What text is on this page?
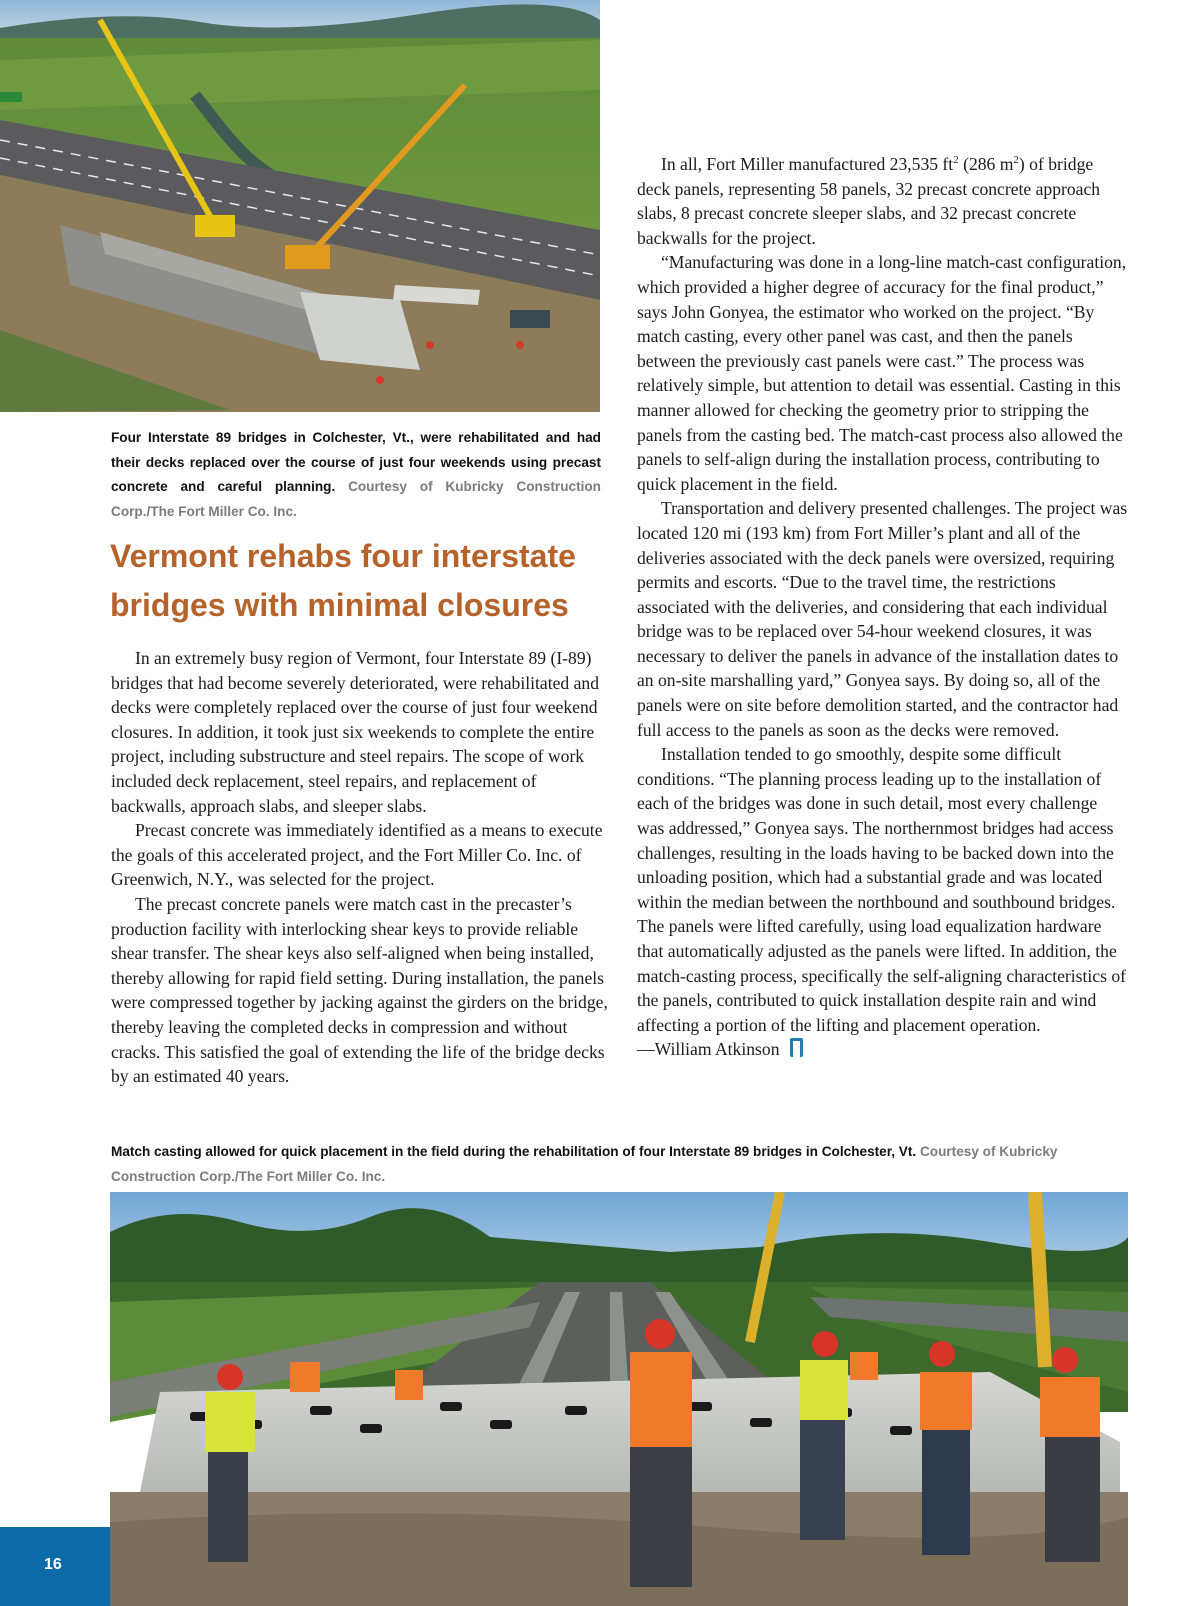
Four Interstate 89 bridges in Colchester, Vt., were rehabilitated and had their decks replaced over the course of just four weekends using precast concrete and careful planning. Courtesy of Kubricky Construction Corp./The Fort Miller Co. Inc.
Vermont rehabs four interstate bridges with minimal closures

In an extremely busy region of Vermont, four Interstate 89 (I-89) bridges that had become severely deteriorated, were rehabilitated and decks were completely replaced over the course of just four weekend closures. In addition, it took just six weekends to complete the entire project, including substructure and steel repairs. The scope of work included deck replacement, steel repairs, and replacement of backwalls, approach slabs, and sleeper slabs.

Precast concrete was immediately identified as a means to execute the goals of this accelerated project, and the Fort Miller Co. Inc. of Greenwich, N.Y., was selected for the project.

The precast concrete panels were match cast in the precaster’s production facility with interlocking shear keys to provide reliable shear transfer. The shear keys also self-aligned when being installed, thereby allowing for rapid field setting. During installation, the panels were compressed together by jacking against the girders on the bridge, thereby leaving the completed decks in compression and without cracks. This satisfied the goal of extending the life of the bridge decks by an estimated 40 years.

In all, Fort Miller manufactured 23,535 $ft^2$ (286 $m^2$) of bridge deck panels, representing 58 panels, 32 precast concrete approach slabs, 8 precast concrete sleeper slabs, and 32 precast concrete backwalls for the project.

“Manufacturing was done in a long-line match-cast configuration, which provided a higher degree of accuracy for the final product,” says John Gonyea, the estimator who worked on the project. “By match casting, every other panel was cast, and then the panels between the previously cast panels were cast.” The process was relatively simple, but attention to detail was essential. Casting in this manner allowed for checking the geometry prior to stripping the panels from the casting bed. The match-cast process also allowed the panels to self-align during the installation process, contributing to quick placement in the field.

Transportation and delivery presented challenges. The project was located 120 mi (193 km) from Fort Miller’s plant and all of the deliveries associated with the deck panels were oversized, requiring permits and escorts. “Due to the travel time, the restrictions associated with the deliveries, and considering that each individual bridge was to be replaced over 54-hour weekend closures, it was necessary to deliver the panels in advance of the installation dates to an on-site marshalling yard,” Gonyea says. By doing so, all of the panels were on site before demolition started, and the contractor had full access to the panels as soon as the decks were removed.

Installation tended to go smoothly, despite some difficult conditions. “The planning process leading up to the installation of each of the bridges was done in such detail, most every challenge was addressed,” Gonyea says. The northernmost bridges had access challenges, resulting in the loads having to be backed down into the unloading position, which had a substantial grade and was located within the median between the northbound and southbound bridges. The panels were lifted carefully, using load equalization hardware that automatically adjusted as the panels were lifted. In addition, the match-casting process, specifically the self-aligning characteristics of the panels, contributed to quick installation despite rain and wind affecting a portion of the lifting and placement operation.

—William Atkinson
Match casting allowed for quick placement in the field during the rehabilitation of four Interstate 89 bridges in Colchester, Vt. Courtesy of Kubricky Construction Corp./The Fort Miller Co. Inc.
16
